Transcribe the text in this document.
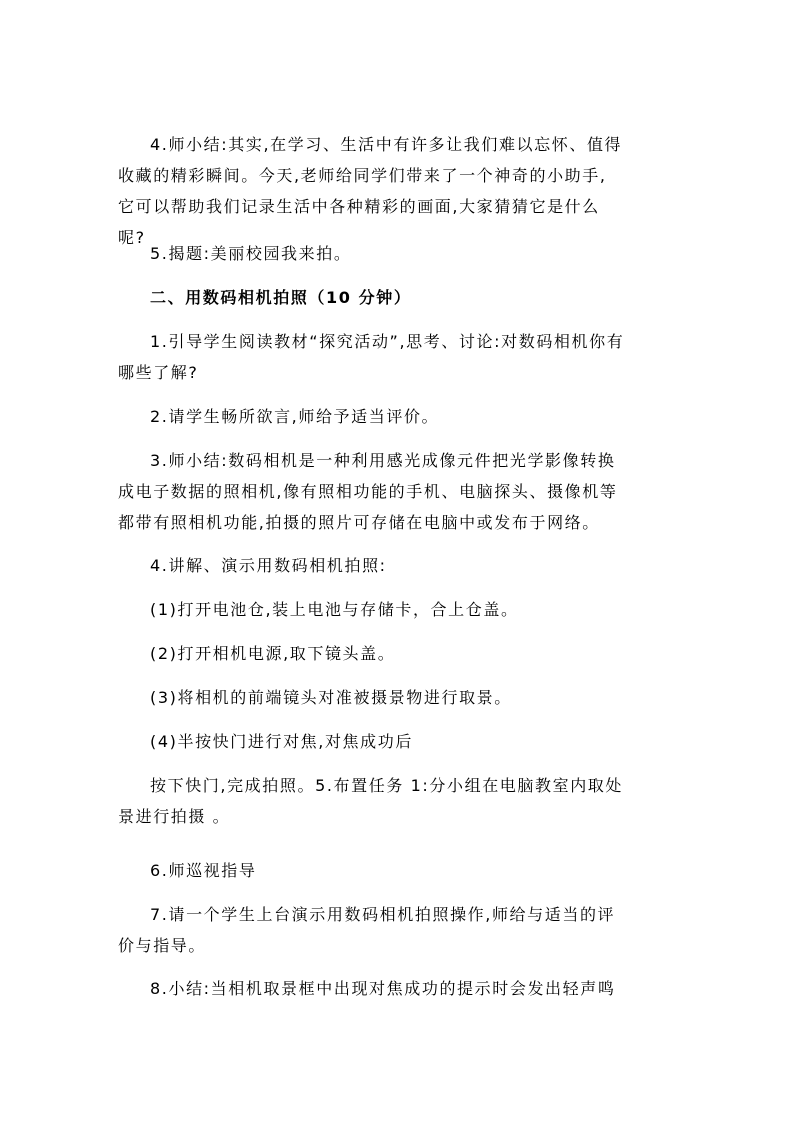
4.师小结:其实,在学习、生活中有许多让我们难以忘怀、值得
收藏的精彩瞬间。今天,老师给同学们带来了一个神奇的小助手,
它可以帮助我们记录生活中各种精彩的画面,大家猜猜它是什么
呢?

5.揭题:美丽校园我来拍。

二、用数码相机拍照（10 分钟）

1.引导学生阅读教材“探究活动”,思考、讨论:对数码相机你有
哪些了解?

2.请学生畅所欲言,师给予适当评价。

3.师小结:数码相机是一种利用感光成像元件把光学影像转换
成电子数据的照相机,像有照相功能的手机、电脑探头、摄像机等
都带有照相机功能,拍摄的照片可存储在电脑中或发布于网络。

4.讲解、演示用数码相机拍照:

(1)打开电池仓,装上电池与存储卡，合上仓盖。

(2)打开相机电源,取下镜头盖。

(3)将相机的前端镜头对准被摄景物进行取景。

(4)半按快门进行对焦,对焦成功后

按下快门,完成拍照。5.布置任务 1:分小组在电脑教室内取处
景进行拍摄 。

6.师巡视指导

7.请一个学生上台演示用数码相机拍照操作,师给与适当的评
价与指导。

8.小结:当相机取景框中出现对焦成功的提示时会发出轻声鸣
